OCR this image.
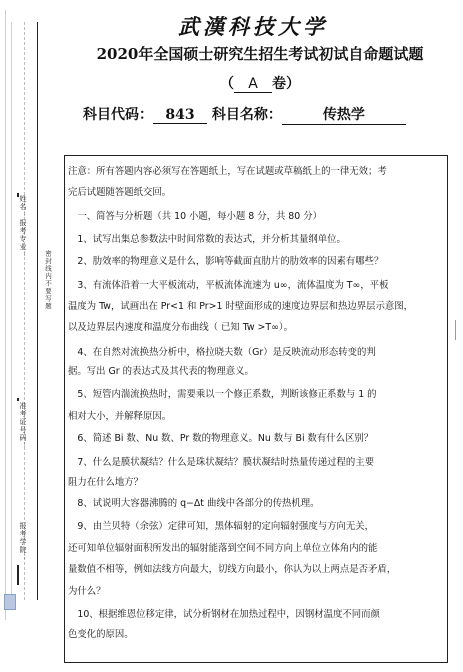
姓名：报考专业：
准考证号码：
报考学院：
密封线内不要写题
武漢科技大学
2020年全国硕士研究生招生考试初试自命题试题
（ A 卷）
科目代码： 843 科目名称：	传热学
注意：所有答题内容必须写在答题纸上，写在试题或草稿纸上的一律无效；考
完后试题随答题纸交回。
　一、简答与分析题（共 10 小题，每小题 8 分，共 80 分）
　1、试写出集总参数法中时间常数的表达式，并分析其量纲单位。
　2、肋效率的物理意义是什么，影响等截面直肋片的肋效率的因素有哪些？
　3、有流体沿着一大平板流动，平板流体流速为 u∞，流体温度为 T∞，平板
温度为 Tw，试画出在 Pr<1 和 Pr>1 时壁面形成的速度边界层和热边界层示意图，
以及边界层内速度和温度分布曲线（ 已知 Tw >T∞）。
　4、在自然对流换热分析中，格拉晓夫数（Gr）是反映流动形态转变的判
据。写出 Gr 的表达式及其代表的物理意义。
　5、短管内湍流换热时，需要乘以一个修正系数，判断该修正系数与 1 的
相对大小，并解释原因。
　6、简述 Bi 数、Nu 数、Pr 数的物理意义。Nu 数与 Bi 数有什么区别？
　7、什么是膜状凝结？什么是珠状凝结？膜状凝结时热量传递过程的主要
阻力在什么地方？
　8、试说明大容器沸腾的 q−Δt 曲线中各部分的传热机理。
　9、由兰贝特（余弦）定律可知，黑体辐射的定向辐射强度与方向无关，
还可知单位辐射面积所发出的辐射能落到空间不同方向上单位立体角内的能
量数值不相等，例如法线方向最大，切线方向最小，你认为以上两点是否矛盾，
为什么？
　10、根据维恩位移定律，试分析钢材在加热过程中，因钢材温度不同而颜
色变化的原因。
